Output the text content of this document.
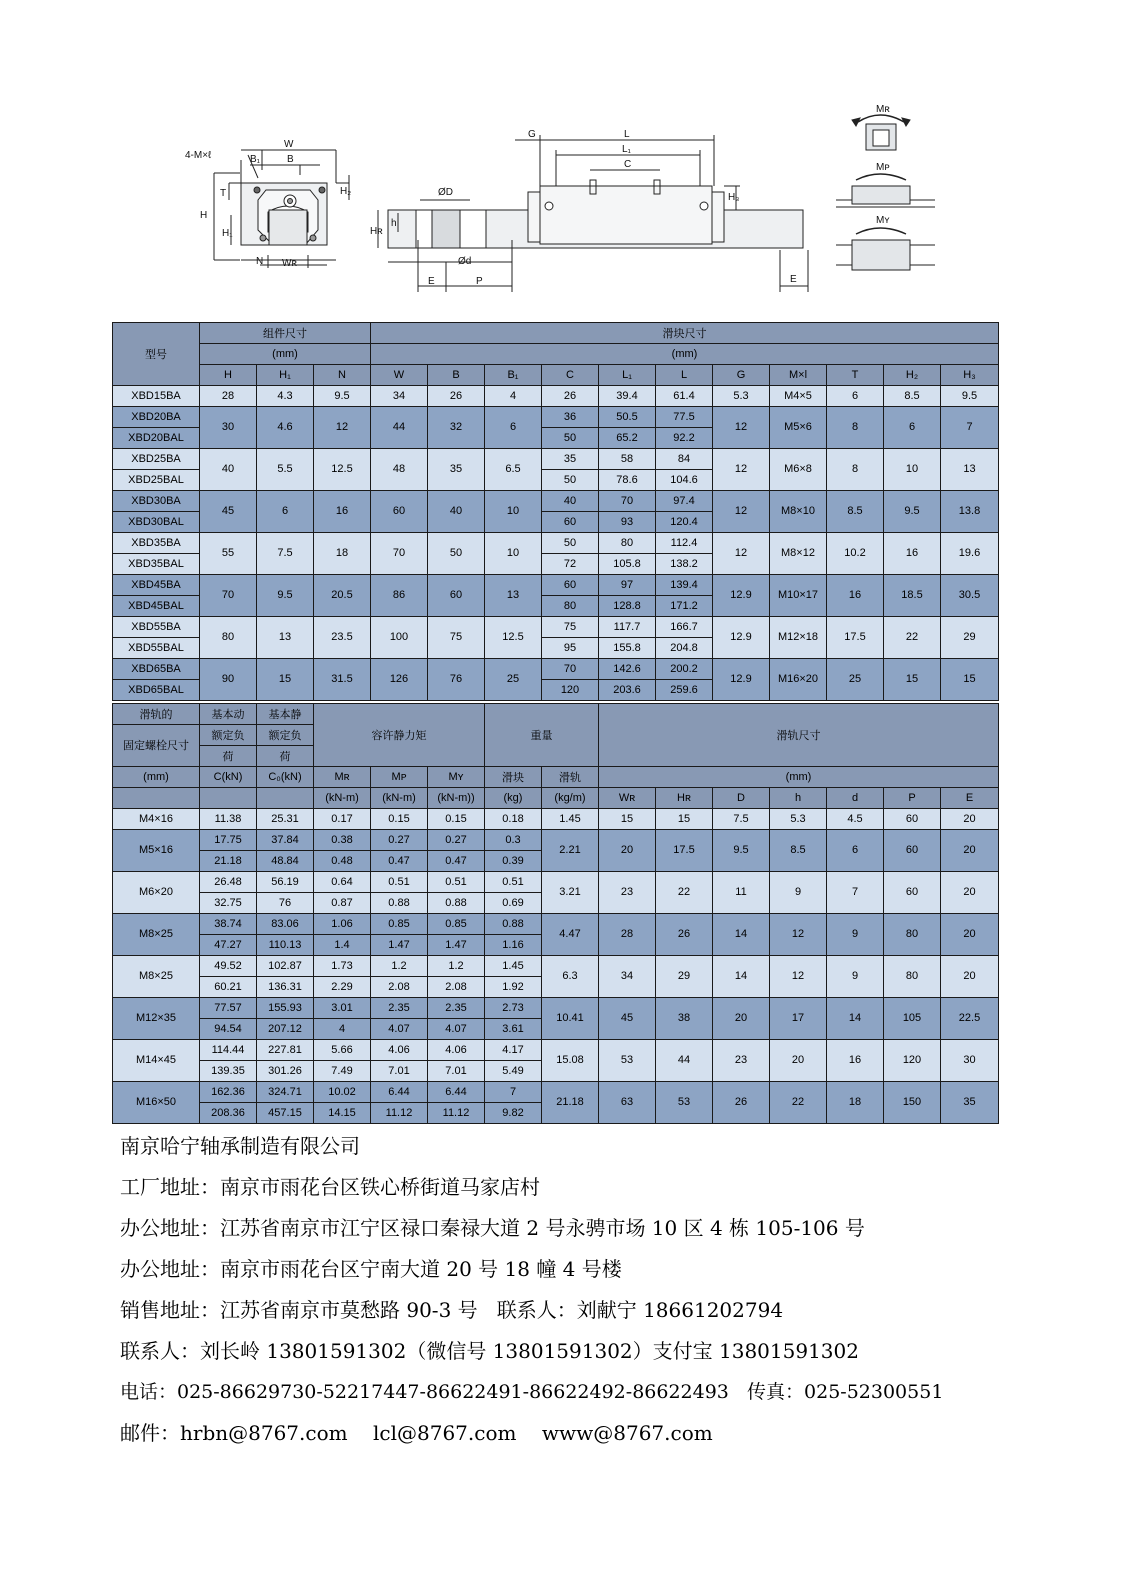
W
B₁	B
4-M×ℓ
T
H
H₁
H₂
N Wʀ
G	L
L₁
C
ØD
Hʀ
h
Ød
E	P
H₃
E
Mʀ
Mᴘ
Mʏ
型号	组件尺寸			滑块尺寸										
	(mm)			(mm)										
	H	H₁	N	W	B	B₁	C	L₁	L	G	M×l	T	H₂	H₃
XBD15BA	28	4.3	9.5	34	26	4	26	39.4	61.4	5.3	M4×5	6	8.5	9.5
XBD20BA	30	4.6	12	44	32	6	36	50.5	77.5	12	M5×6	8	6	7
XBD20BAL							50	65.2	92.2					
XBD25BA	40	5.5	12.5	48	35	6.5	35	58	84	12	M6×8	8	10	13
XBD25BAL							50	78.6	104.6					
XBD30BA	45	6	16	60	40	10	40	70	97.4	12	M8×10	8.5	9.5	13.8
XBD30BAL							60	93	120.4					
XBD35BA	55	7.5	18	70	50	10	50	80	112.4	12	M8×12	10.2	16	19.6
XBD35BAL							72	105.8	138.2					
XBD45BA	70	9.5	20.5	86	60	13	60	97	139.4	12.9	M10×17	16	18.5	30.5
XBD45BAL							80	128.8	171.2					
XBD55BA	80	13	23.5	100	75	12.5	75	117.7	166.7	12.9	M12×18	17.5	22	29
XBD55BAL							95	155.8	204.8					
XBD65BA	90	15	31.5	126	76	25	70	142.6	200.2	12.9	M16×20	25	15	15
XBD65BAL							120	203.6	259.6					
滑轨的	基本动	基本静	容许静力矩			重量		滑轨尺寸						
固定螺栓尺寸	额定负	额定负												
	荷	荷												
(mm)	C(kN)	C₀(kN)	Mʀ	Mᴘ	Mʏ	滑块	滑轨	(mm)						
			(kN-m)	(kN-m)	(kN-m))	(kg)	(kg/m)	Wʀ	Hʀ	D	h	d	P	E
M4×16	11.38	25.31	0.17	0.15	0.15	0.18	1.45	15	15	7.5	5.3	4.5	60	20
M5×16	17.75	37.84	0.38	0.27	0.27	0.3	2.21	20	17.5	9.5	8.5	6	60	20
	21.18	48.84	0.48	0.47	0.47	0.39								
M6×20	26.48	56.19	0.64	0.51	0.51	0.51	3.21	23	22	11	9	7	60	20
	32.75	76	0.87	0.88	0.88	0.69								
M8×25	38.74	83.06	1.06	0.85	0.85	0.88	4.47	28	26	14	12	9	80	20
	47.27	110.13	1.4	1.47	1.47	1.16								
M8×25	49.52	102.87	1.73	1.2	1.2	1.45	6.3	34	29	14	12	9	80	20
	60.21	136.31	2.29	2.08	2.08	1.92								
M12×35	77.57	155.93	3.01	2.35	2.35	2.73	10.41	45	38	20	17	14	105	22.5
	94.54	207.12	4	4.07	4.07	3.61								
M14×45	114.44	227.81	5.66	4.06	4.06	4.17	15.08	53	44	23	20	16	120	30
	139.35	301.26	7.49	7.01	7.01	5.49								
M16×50	162.36	324.71	10.02	6.44	6.44	7	21.18	63	53	26	22	18	150	35
	208.36	457.15	14.15	11.12	11.12	9.82								
南京哈宁轴承制造有限公司
工厂地址：南京市雨花台区铁心桥街道马家店村
办公地址：江苏省南京市江宁区禄口秦禄大道 2 号永骋市场 10 区 4 栋 105-106 号
办公地址：南京市雨花台区宁南大道 20 号 18 幢 4 号楼
销售地址：江苏省南京市莫愁路 90-3 号   联系人：刘献宁 18661202794
联系人：刘长岭 13801591302（微信号 13801591302）支付宝 13801591302
电话：025-86629730-52217447-86622491-86622492-86622493   传真：025-52300551
邮件：hrbn@8767.com    lcl@8767.com    www@8767.com
